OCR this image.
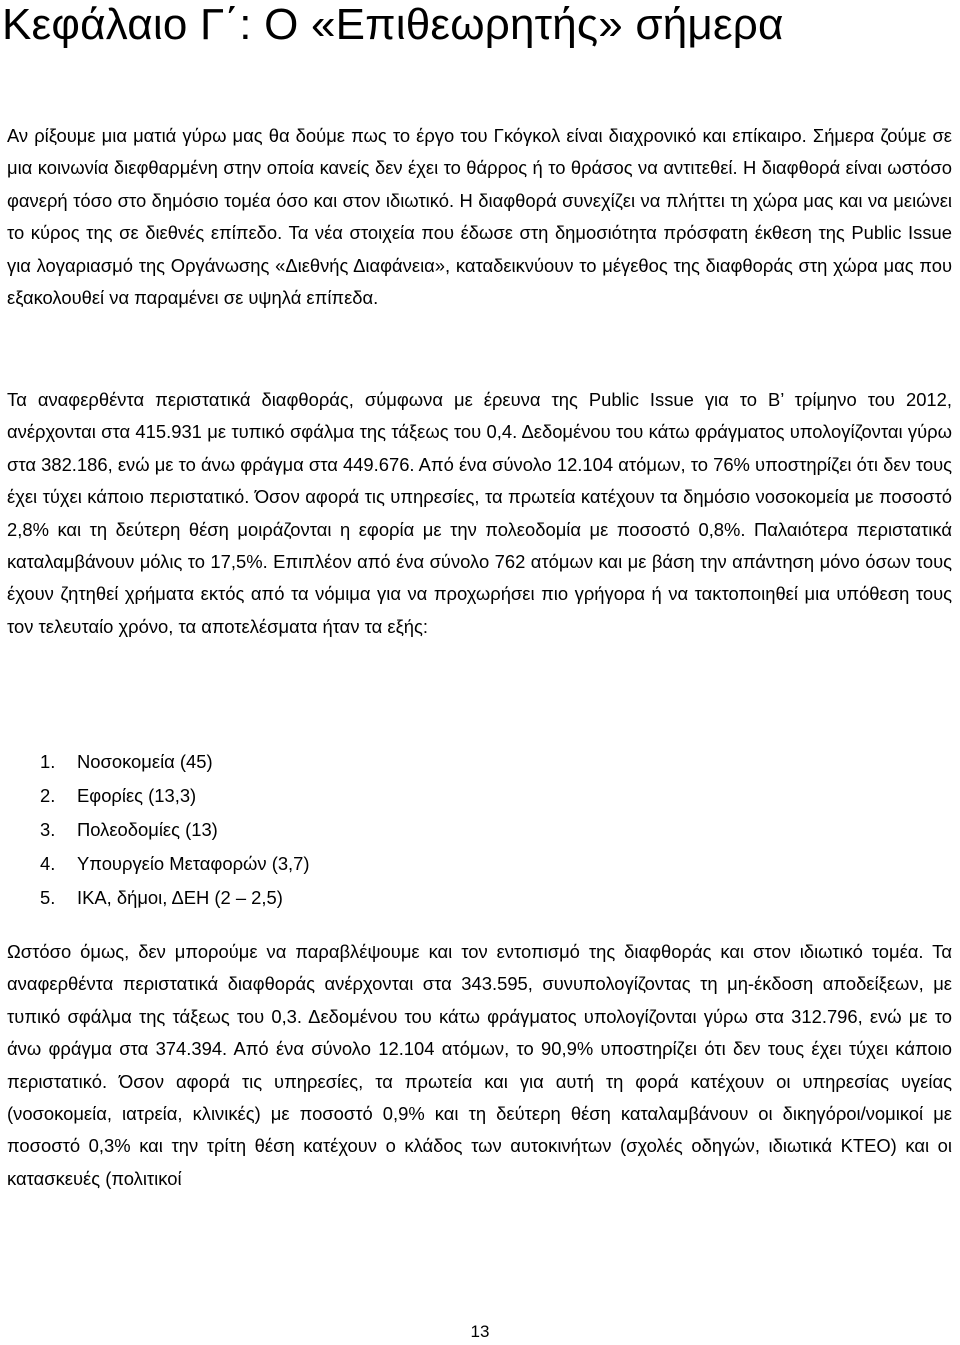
Κεφάλαιο Γ΄: Ο «Επιθεωρητής» σήμερα

Αν ρίξουμε μια ματιά γύρω μας θα δούμε πως το έργο του Γκόγκολ είναι διαχρονικό και επίκαιρο. Σήμερα ζούμε σε μια κοινωνία διεφθαρμένη στην οποία κανείς δεν έχει το θάρρος ή το θράσος να αντιτεθεί. Η διαφθορά είναι ωστόσο φανερή τόσο στο δημόσιο τομέα όσο και στον ιδιωτικό. Η διαφθορά συνεχίζει να πλήττει τη χώρα μας και να μειώνει το κύρος της σε διεθνές επίπεδο. Τα νέα στοιχεία που έδωσε στη δημοσιότητα πρόσφατη έκθεση της Public Issue για λογαριασμό της Οργάνωσης «Διεθνής Διαφάνεια», καταδεικνύουν το μέγεθος της διαφθοράς στη χώρα μας που εξακολουθεί να παραμένει σε υψηλά επίπεδα.

Τα αναφερθέντα περιστατικά διαφθοράς, σύμφωνα με έρευνα της Public Issue για το Β’ τρίμηνο του 2012, ανέρχονται στα 415.931 με τυπικό σφάλμα της τάξεως του 0,4. Δεδομένου του κάτω φράγματος υπολογίζονται γύρω στα 382.186, ενώ με το άνω φράγμα στα 449.676. Από ένα σύνολο 12.104 ατόμων, το 76% υποστηρίζει ότι δεν τους έχει τύχει κάποιο περιστατικό. Όσον αφορά τις υπηρεσίες, τα πρωτεία κατέχουν τα δημόσιο νοσοκομεία με ποσοστό 2,8% και τη δεύτερη θέση μοιράζονται η εφορία με την πολεοδομία με ποσοστό 0,8%. Παλαιότερα περιστατικά καταλαμβάνουν μόλις το 17,5%. Επιπλέον από ένα σύνολο 762 ατόμων και με βάση την απάντηση μόνο όσων τους έχουν ζητηθεί χρήματα εκτός από τα νόμιμα για να προχωρήσει πιο γρήγορα ή να τακτοποιηθεί μια υπόθεση τους τον τελευταίο χρόνο, τα αποτελέσματα ήταν τα εξής:

1.	Νοσοκομεία (45)
2.	Εφορίες (13,3)
3.	Πολεοδομίες (13)
4.	Υπουργείο Μεταφορών (3,7)
5.	ΙΚΑ, δήμοι, ΔΕΗ (2 – 2,5)

Ωστόσο όμως, δεν μπορούμε να παραβλέψουμε και τον εντοπισμό της διαφθοράς και στον ιδιωτικό τομέα. Τα αναφερθέντα περιστατικά διαφθοράς ανέρχονται στα 343.595, συνυπολογίζοντας τη μη-έκδοση αποδείξεων, με τυπικό σφάλμα της τάξεως του 0,3. Δεδομένου του κάτω φράγματος υπολογίζονται γύρω στα 312.796, ενώ με το άνω φράγμα στα 374.394. Από ένα σύνολο 12.104 ατόμων, το 90,9% υποστηρίζει ότι δεν τους έχει τύχει κάποιο περιστατικό. Όσον αφορά τις υπηρεσίες, τα πρωτεία και για αυτή τη φορά κατέχουν οι υπηρεσίας υγείας (νοσοκομεία, ιατρεία, κλινικές) με ποσοστό 0,9% και τη δεύτερη θέση καταλαμβάνουν οι δικηγόροι/νομικοί με ποσοστό 0,3% και την τρίτη θέση κατέχουν ο κλάδος των αυτοκινήτων (σχολές οδηγών, ιδιωτικά ΚΤΕΟ) και οι κατασκευές (πολιτικοί

13
